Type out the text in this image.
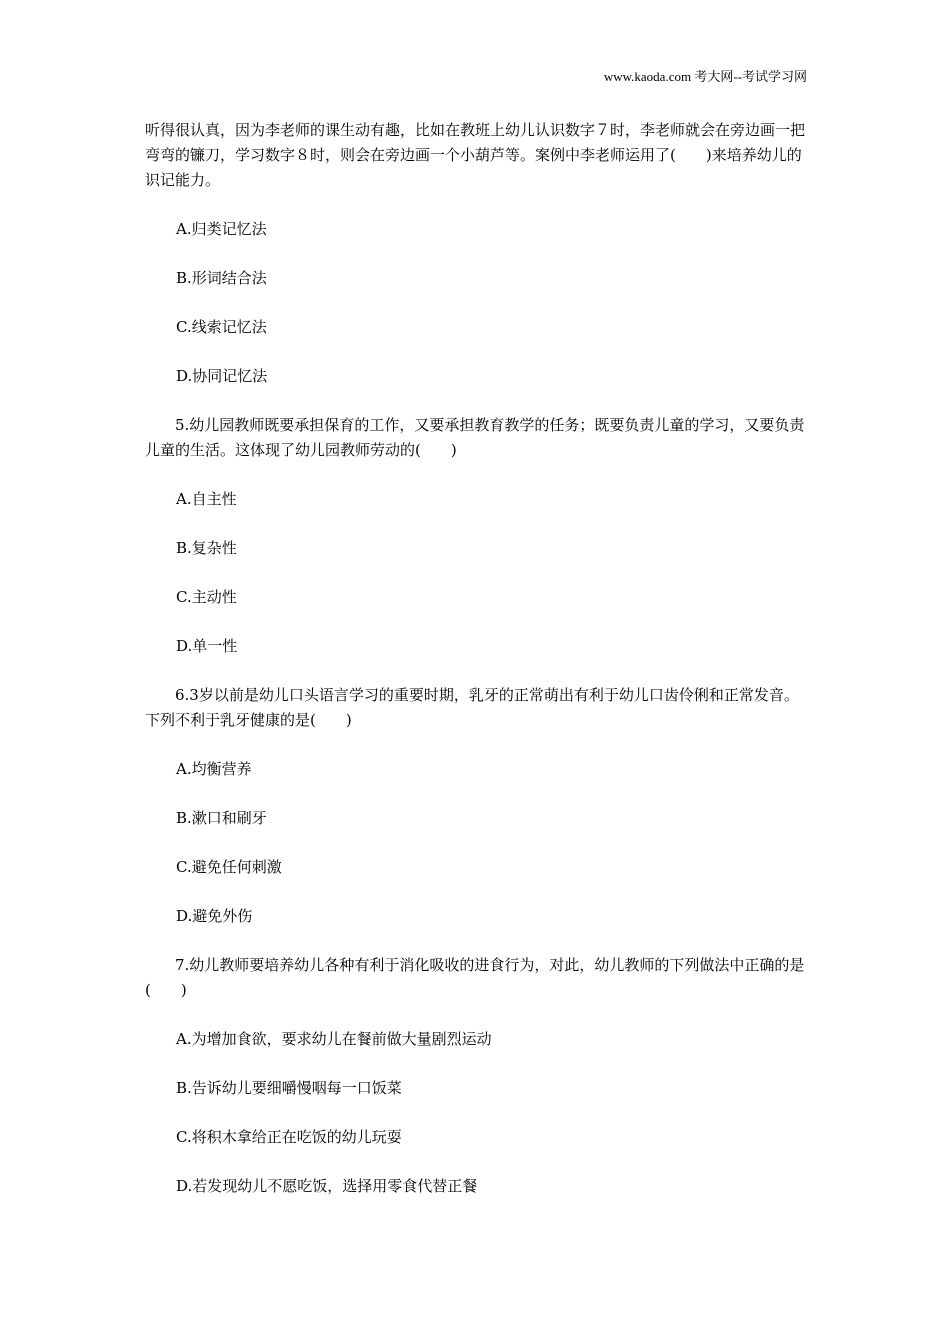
www.kaoda.com 考大网--考试学习网

听得很认真，因为李老师的课生动有趣，比如在教班上幼儿认识数字７时，李老师就会在旁边画一把弯弯的镰刀，学习数字８时，则会在旁边画一个小葫芦等。案例中李老师运用了(　　)来培养幼儿的识记能力。

A.归类记忆法

B.形词结合法

C.线索记忆法

D.协同记忆法

5.幼儿园教师既要承担保育的工作，又要承担教育教学的任务；既要负责儿童的学习，又要负责儿童的生活。这体现了幼儿园教师劳动的(　　)

A.自主性

B.复杂性

C.主动性

D.单一性

6.3岁以前是幼儿口头语言学习的重要时期，乳牙的正常萌出有利于幼儿口齿伶俐和正常发音。下列不利于乳牙健康的是(　　)

A.均衡营养

B.漱口和刷牙

C.避免任何刺激

D.避免外伤

7.幼儿教师要培养幼儿各种有利于消化吸收的进食行为，对此，幼儿教师的下列做法中正确的是(　　)

A.为增加食欲，要求幼儿在餐前做大量剧烈运动

B.告诉幼儿要细嚼慢咽每一口饭菜

C.将积木拿给正在吃饭的幼儿玩耍

D.若发现幼儿不愿吃饭，选择用零食代替正餐
